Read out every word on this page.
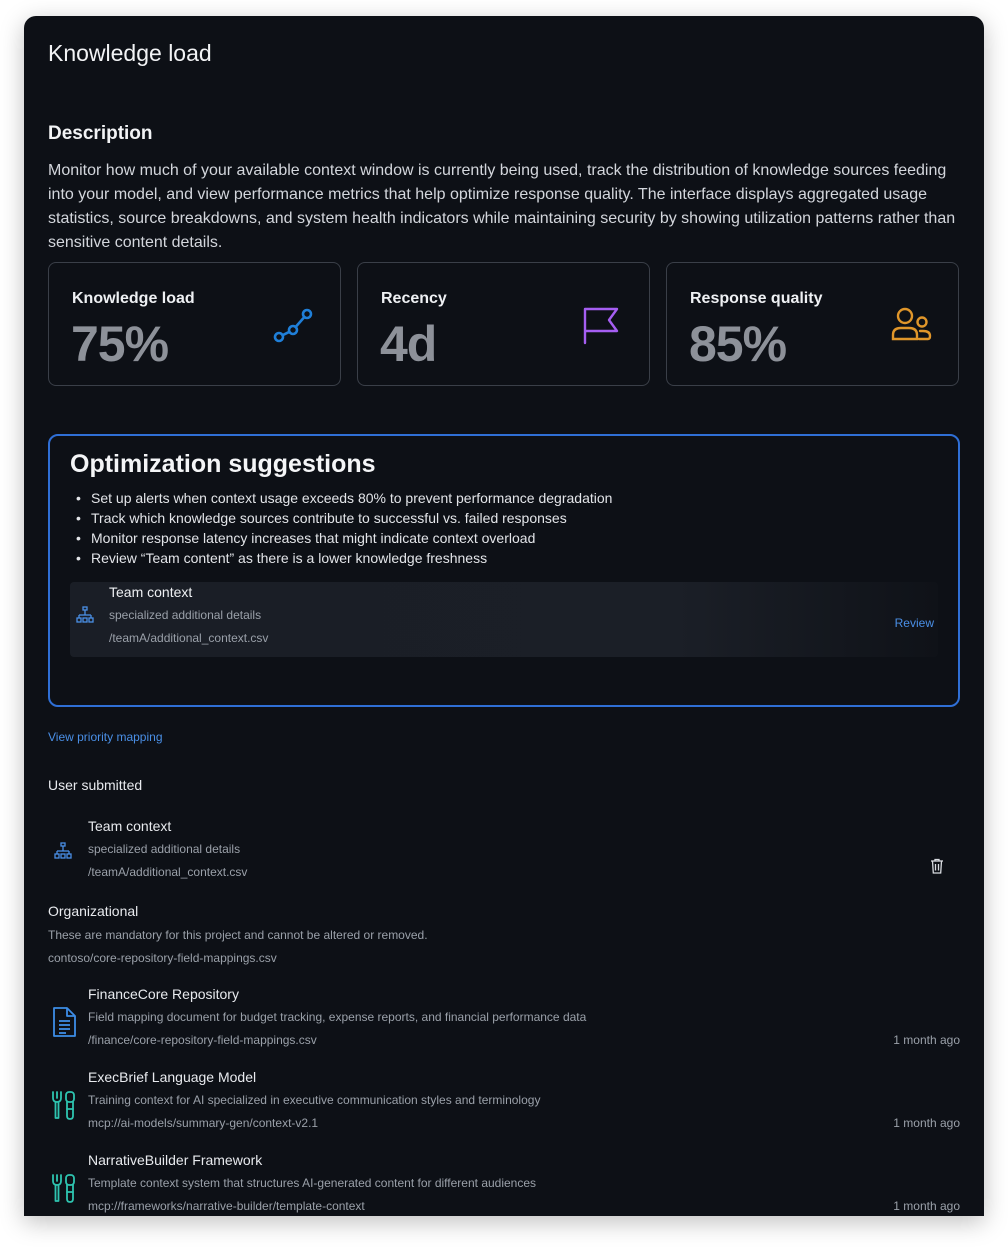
Knowledge load
Description
Monitor how much of your available context window is currently being used, track the distribution of knowledge sources feeding into your model, and view performance metrics that help optimize response quality. The interface displays aggregated usage statistics, source breakdowns, and system health indicators while maintaining security by showing utilization patterns rather than sensitive content details.
Knowledge load
75%
Recency
4d
Response quality
85%
Optimization suggestions
• Set up alerts when context usage exceeds 80% to prevent performance degradation
• Track which knowledge sources contribute to successful vs. failed responses
• Monitor response latency increases that might indicate context overload
• Review “Team content” as there is a lower knowledge freshness
Team context
specialized additional details
/teamA/additional_context.csv
Review
View priority mapping
User submitted
Team context
specialized additional details
/teamA/additional_context.csv
Organizational
These are mandatory for this project and cannot be altered or removed.
contoso/core-repository-field-mappings.csv
FinanceCore Repository
Field mapping document for budget tracking, expense reports, and financial performance data
/finance/core-repository-field-mappings.csv	1 month ago
ExecBrief Language Model
Training context for AI specialized in executive communication styles and terminology
mcp://ai-models/summary-gen/context-v2.1	1 month ago
NarrativeBuilder Framework
Template context system that structures AI-generated content for different audiences
mcp://frameworks/narrative-builder/template-context	1 month ago
